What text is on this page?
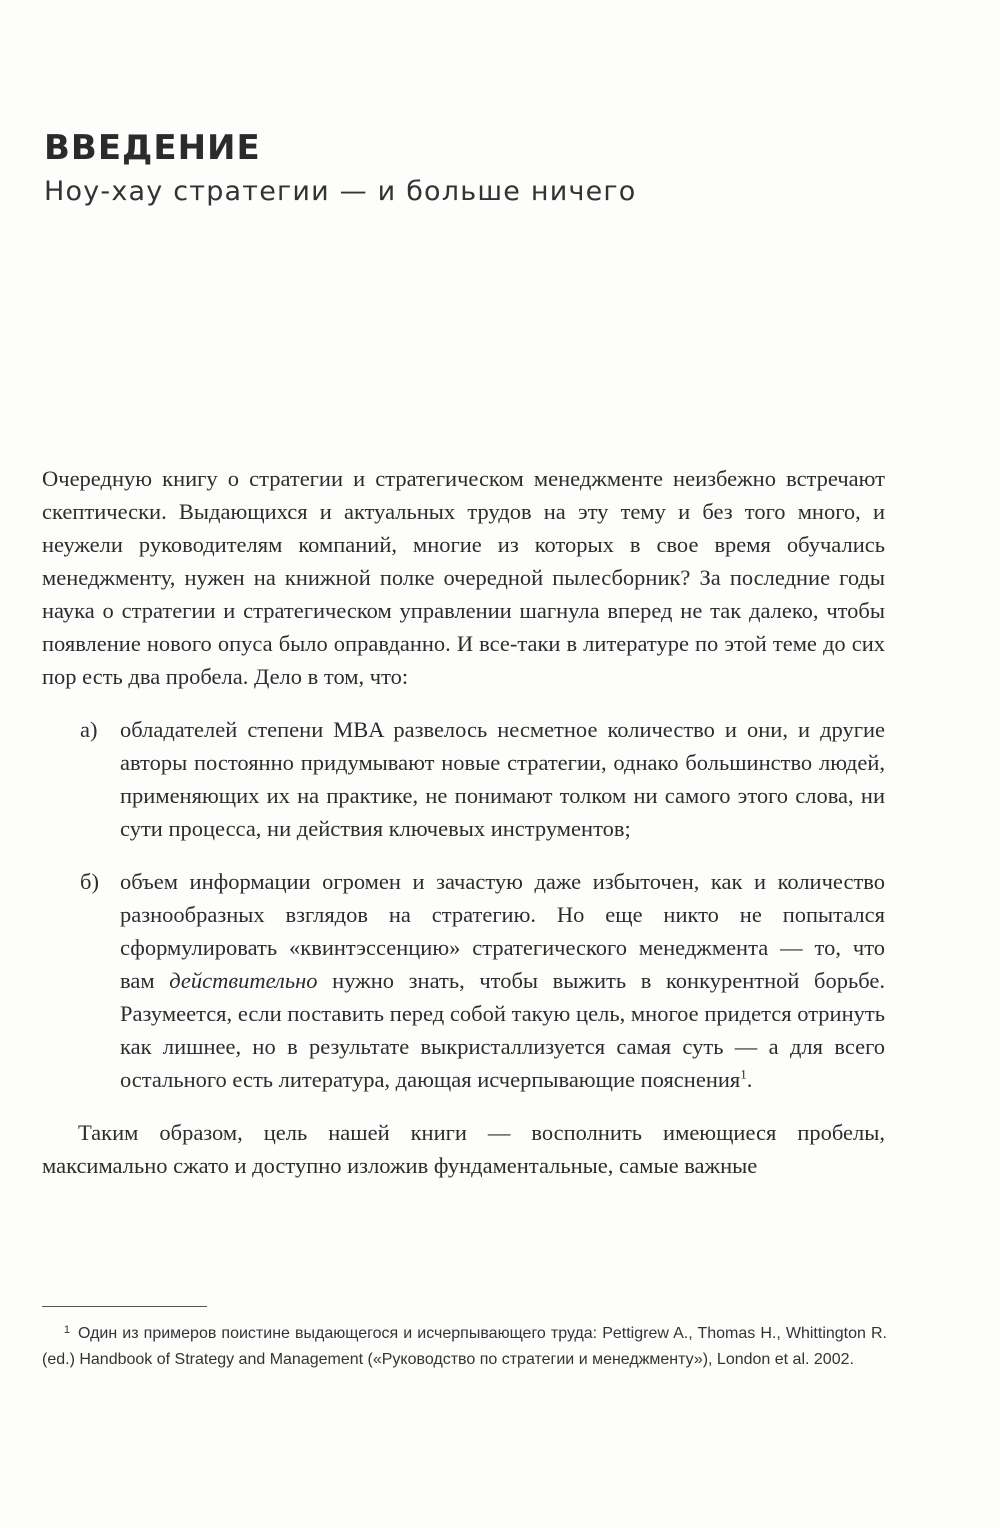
ВВЕДЕНИЕ
Ноу-хау стратегии — и больше ничего

Очередную книгу о стратегии и стратегическом менеджменте неизбежно встречают скептически. Выдающихся и актуальных трудов на эту тему и без того много, и неужели руководителям компаний, многие из которых в свое время обучались менеджменту, нужен на книжной полке очередной пылесборник? За последние годы наука о стратегии и стратегическом управлении шагнула вперед не так далеко, чтобы появление нового опуса было оправданно. И все-таки в литературе по этой теме до сих пор есть два пробела. Дело в том, что:

а)	обладателей степени MBA развелось несметное количество и они, и другие авторы постоянно придумывают новые стратегии, однако большинство людей, применяющих их на практике, не понимают толком ни самого этого слова, ни сути процесса, ни действия ключевых инструментов;
б) объем информации огромен и зачастую даже избыточен, как и количество разнообразных взглядов на стратегию. Но еще никто не попытался сформулировать «квинтэссенцию» стратегического менеджмента — то, что вам действительно нужно знать, чтобы выжить в конкурентной борьбе. Разумеется, если поставить перед собой такую цель, многое придется отринуть как лишнее, но в результате выкристаллизуется самая суть — а для всего остального есть литература, дающая исчерпывающие пояснения$^1$.

Таким образом, цель нашей книги — восполнить имеющиеся пробелы, максимально сжато и доступно изложив фундаментальные, самые важные

1 Один из примеров поистине выдающегося и исчерпывающего труда: Pettigrew A., Thomas H., Whittington R. (ed.) Handbook of Strategy and Management («Руководство по стратегии и менеджменту»), London et al. 2002.
